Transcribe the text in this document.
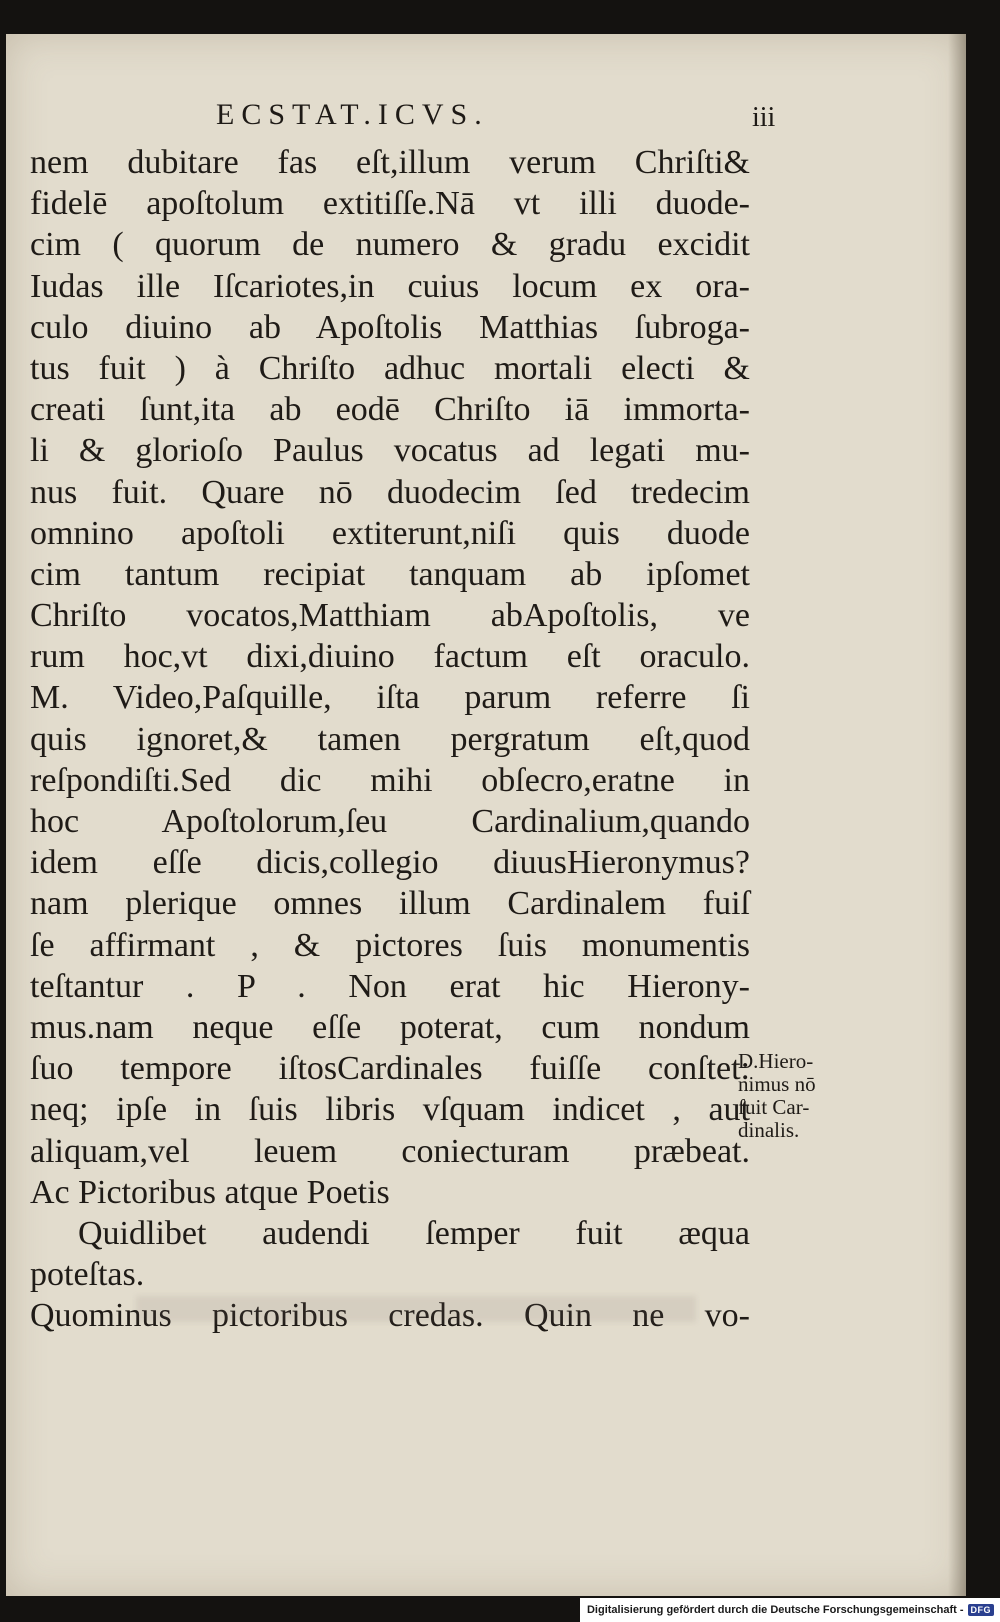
ECSTAT.ICVS.	iii
nem dubitare fas eſt,illum verum Chriſti&
fidelē apoſtolum extitiſſe.Nā vt illi duode-
cim ( quorum de numero & gradu excidit
Iudas ille Iſcariotes,in cuius locum ex ora-
culo diuino ab Apoſtolis Matthias ſubroga-
tus fuit ) à Chriſto adhuc mortali electi &
creati ſunt,ita ab eodē Chriſto iā immorta-
li & glorioſo Paulus vocatus ad legati mu-
nus fuit. Quare nō duodecim ſed tredecim
omnino apoſtoli extiterunt,niſi quis duode
cim tantum recipiat tanquam ab ipſomet
Chriſto vocatos,Matthiam abApoſtolis, ve
rum hoc,vt dixi,diuino factum eſt oraculo.
M. Video,Paſquille, iſta parum referre ſi
quis ignoret,& tamen pergratum eſt,quod
reſpondiſti.Sed dic mihi obſecro,eratne in
hoc Apoſtolorum,ſeu Cardinalium,quando
idem eſſe dicis,collegio diuusHieronymus?
nam plerique omnes illum Cardinalem fuiſ
ſe affirmant , & pictores ſuis monumentis
teſtantur . P . Non erat hic Hierony-
mus.nam neque eſſe poterat, cum nondum
ſuo tempore iſtosCardinales fuiſſe conſtet:
neq; ipſe in ſuis libris vſquam indicet , aut
aliquam,vel leuem coniecturam præbeat.
Ac Pictoribus atque Poetis
Quidlibet audendi ſemper fuit æqua
poteſtas.
Quominus pictoribus credas. Quin ne vo-
D.Hiero-
nimus nō
fuit Car-
dinalis.
Digitalisierung gefördert durch die Deutsche Forschungsgemeinschaft - DFG
